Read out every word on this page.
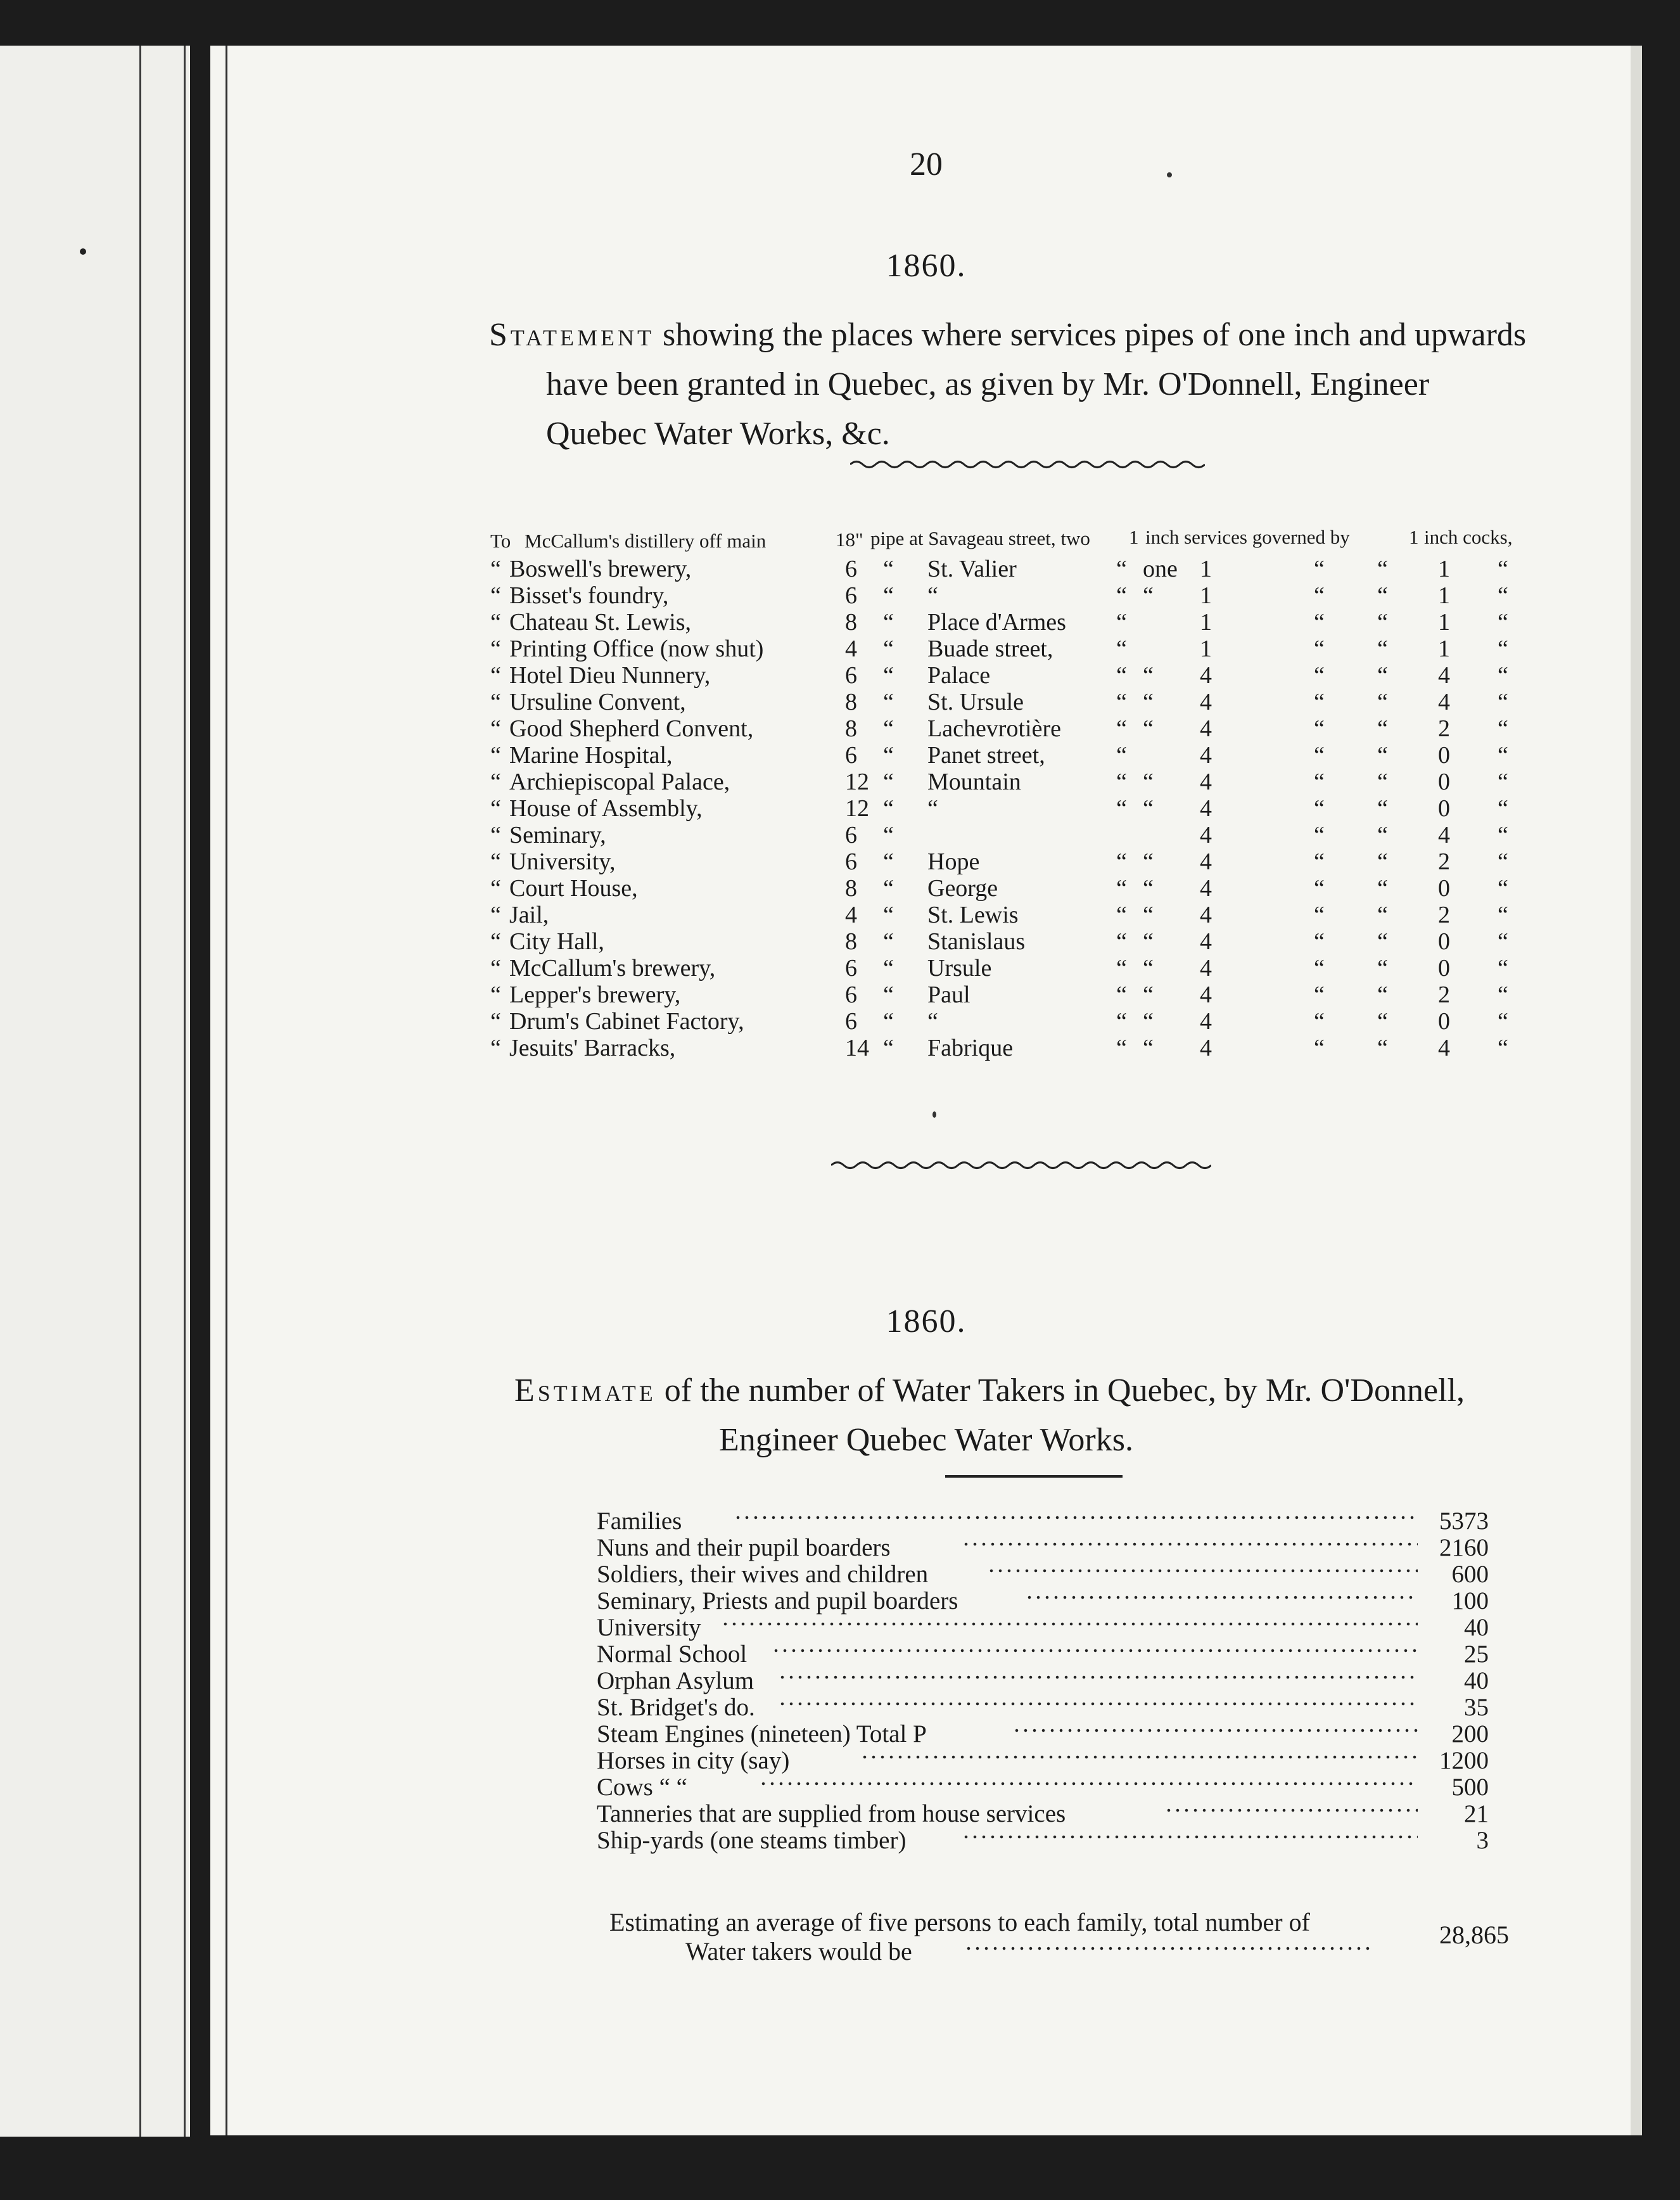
20
1860.
Statement showing the places where services pipes of one inch and upwards
have been granted in Quebec, as given by Mr. O'Donnell, Engineer
Quebec Water Works, &c.
To McCallum's distillery off main	18" pipe at Savageau street, two 1 inch services governed by	1 inch cocks,
“ Boswell's brewery,	6 “ St. Valier	“ one 1	“ “ 1 “
“ Bisset's foundry,	6 “ “	“ “ 1	“ “ 1 “
“ Chateau St. Lewis,	8 “ Place d'Armes “	1	“ “ 1 “
“ Printing Office (now shut)	4 “ Buade street,	“	1	“ “ 1 “
“ Hotel Dieu Nunnery,	6 “ Palace	“ “ 4	“ “ 4 “
“ Ursuline Convent,	8 “ St. Ursule	“ “ 4	“ “ 4 “
“ Good Shepherd Convent,	8 “ Lachevrotière “ “ 4	“ “ 2 “
“ Marine Hospital,	6 “ Panet street,	“	4	“ “ 0 “
“ Archiepiscopal Palace,	12 “ Mountain	“ “ 4	“ “ 0 “
“ House of Assembly,	12 “ “	“ “ 4	“ “ 0 “
“ Seminary,	6 “	4	“ “ 4 “
“ University,	6 “ Hope	“ “ 4	“ “ 2 “
“ Court House,	8 “ George	“ “ 4	“ “ 0 “
“ Jail,	4 “ St. Lewis	“ “ 4	“ “ 2 “
“ City Hall,	8 “ Stanislaus	“ “ 4	“ “ 0 “
“ McCallum's brewery,	6 “ Ursule	“ “ 4	“ “ 0 “
“ Lepper's brewery,	6 “ Paul	“ “ 4	“ “ 2 “
“ Drum's Cabinet Factory,	6 “ “	“ “ 4	“ “ 0 “
“ Jesuits' Barracks,	14 “ Fabrique	“ “ 4	“ “ 4 “
1860.
Estimate of the number of Water Takers in Quebec, by Mr. O'Donnell,
Engineer Quebec Water Works.
Families	5373
Nuns and their pupil boarders	2160
Soldiers, their wives and children	600
Seminary, Priests and pupil boarders	100
University	40
Normal School	25
Orphan Asylum	40
St. Bridget's do.	35
Steam Engines (nineteen) Total P	200
Horses in city (say)	1200
Cows “ “	500
Tanneries that are supplied from house services	21
Ship-yards (one steams timber)	3
Estimating an average of five persons to each family, total number of
Water takers would be
28,865
